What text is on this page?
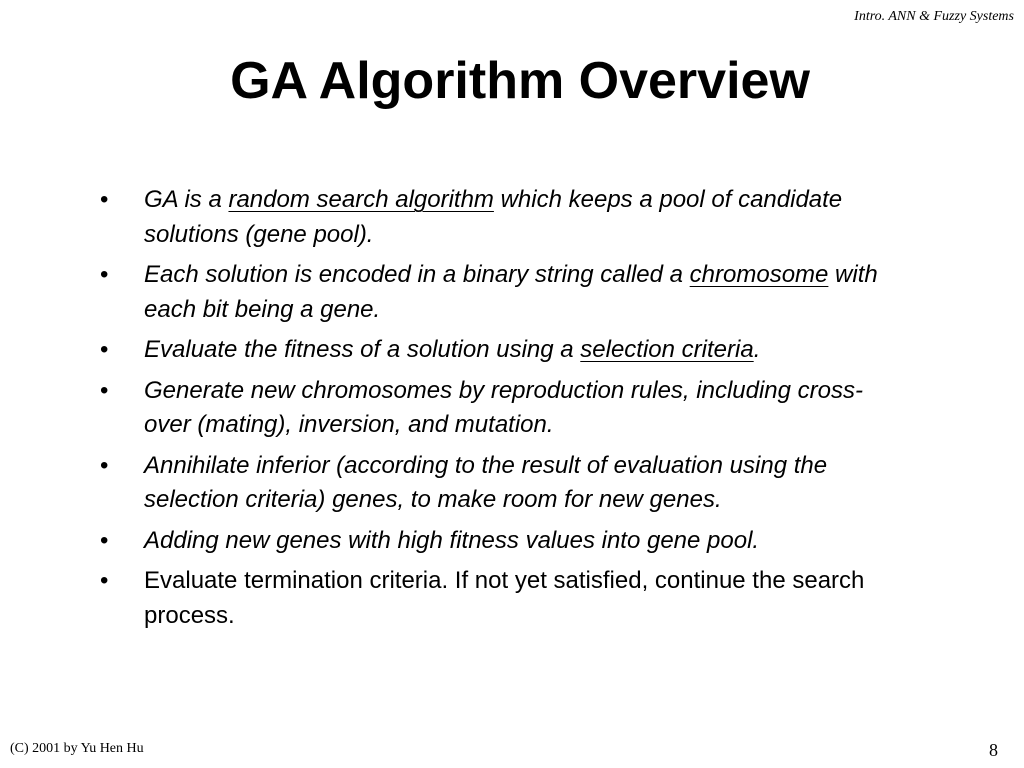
Intro. ANN & Fuzzy Systems
GA Algorithm Overview
•	GA is a random search algorithm which keeps a pool of candidate solutions (gene pool).
•	Each solution is encoded in a binary string called a chromosome with each bit being a gene.
•	Evaluate the fitness of a solution using a selection criteria.
•	Generate new chromosomes by reproduction rules, including cross-over (mating), inversion, and mutation.
•	Annihilate inferior (according to the result of evaluation using the selection criteria) genes, to make room for new genes.
•	Adding new genes with high fitness values into gene pool.
•	Evaluate termination criteria. If not yet satisfied, continue the search process.
(C) 2001 by Yu Hen Hu	8
